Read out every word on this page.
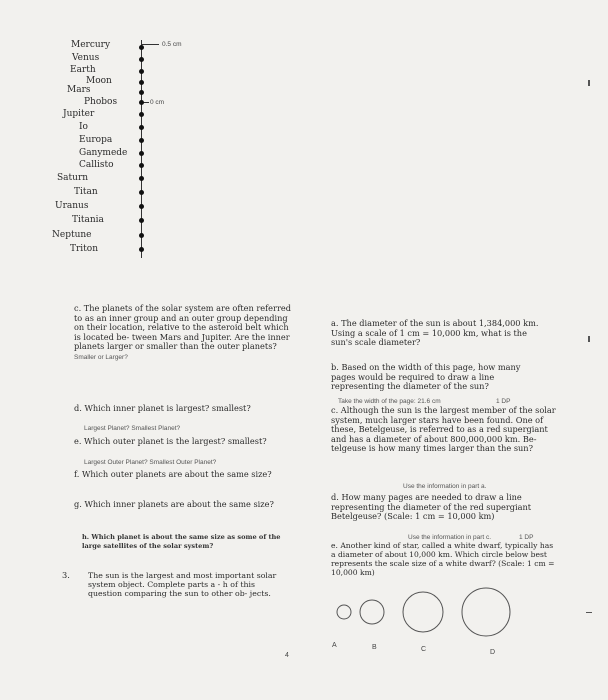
Mercury
Venus
Earth
Moon
Mars
Phobos
Jupiter
Io
Europa
Ganymede
Callisto
Saturn
Titan
Uranus
Titania
Neptune
Triton
0.5 cm
0 cm
c. The planets of the solar system are often referred to as an inner group and an outer group depending on their location, relative to the asteroid belt which is located be- tween Mars and Jupiter. Are the inner planets larger or smaller than the outer planets? Smaller or Larger?
d. Which inner planet is largest? smallest?
Largest Planet? Smallest Planet?
e. Which outer planet is the largest? smallest?
Largest Outer Planet? Smallest Outer Planet?
f. Which outer planets are about the same size?
g. Which inner planets are about the same size?
h. Which planet is about the same size as some of the large satellites of the solar system?
3. The sun is the largest and most important solar system object. Complete parts a - h of this question comparing the sun to other ob- jects.
a. The diameter of the sun is about 1,384,000 km. Using a scale of 1 cm = 10,000 km, what is the sun's scale diameter?
b. Based on the width of this page, how many pages would be required to draw a line representing the diameter of the sun?
Take the width of the page: 21.6 cm	1 DP
c. Although the sun is the largest member of the solar system, much larger stars have been found. One of these, Betelgeuse, is referred to as a red supergiant and has a diameter of about 800,000,000 km. Be- telgeuse is how many times larger than the sun?
Use the information in part a.
d. How many pages are needed to draw a line representing the diameter of the red supergiant Betelgeuse? (Scale: 1 cm = 10,000 km)
Use the information in part c.	1 DP
e. Another kind of star, called a white dwarf, typically has a diameter of about 10,000 km. Which circle below best represents the scale size of a white dwarf? (Scale: 1 cm = 10,000 km)
A	B	C	D
4
